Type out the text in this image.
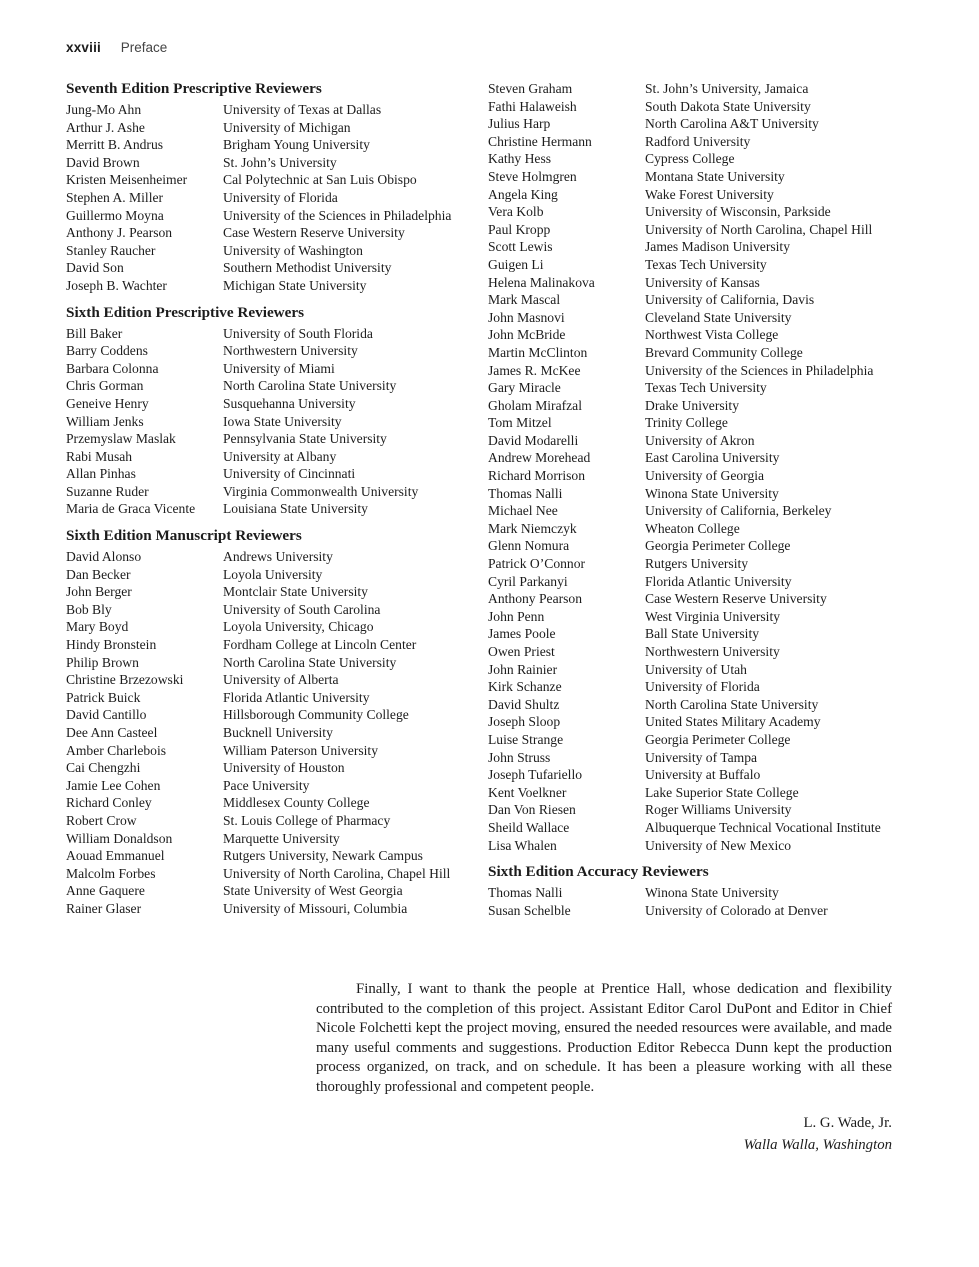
xxviii Preface
Seventh Edition Prescriptive Reviewers
Jung-Mo Ahn	University of Texas at Dallas
Arthur J. Ashe	University of Michigan
Merritt B. Andrus	Brigham Young University
David Brown	St. John’s University
Kristen Meisenheimer	Cal Polytechnic at San Luis Obispo
Stephen A. Miller	University of Florida
Guillermo Moyna	University of the Sciences in Philadelphia
Anthony J. Pearson	Case Western Reserve University
Stanley Raucher	University of Washington
David Son	Southern Methodist University
Joseph B. Wachter	Michigan State University
Sixth Edition Prescriptive Reviewers
Bill Baker	University of South Florida
Barry Coddens	Northwestern University
Barbara Colonna	University of Miami
Chris Gorman	North Carolina State University
Geneive Henry	Susquehanna University
William Jenks	Iowa State University
Przemyslaw Maslak	Pennsylvania State University
Rabi Musah	University at Albany
Allan Pinhas	University of Cincinnati
Suzanne Ruder	Virginia Commonwealth University
Maria de Graca Vicente	Louisiana State University
Sixth Edition Manuscript Reviewers
David Alonso	Andrews University
Dan Becker	Loyola University
John Berger	Montclair State University
Bob Bly	University of South Carolina
Mary Boyd	Loyola University, Chicago
Hindy Bronstein	Fordham College at Lincoln Center
Philip Brown	North Carolina State University
Christine Brzezowski	University of Alberta
Patrick Buick	Florida Atlantic University
David Cantillo	Hillsborough Community College
Dee Ann Casteel	Bucknell University
Amber Charlebois	William Paterson University
Cai Chengzhi	University of Houston
Jamie Lee Cohen	Pace University
Richard Conley	Middlesex County College
Robert Crow	St. Louis College of Pharmacy
William Donaldson	Marquette University
Aouad Emmanuel	Rutgers University, Newark Campus
Malcolm Forbes	University of North Carolina, Chapel Hill
Anne Gaquere	State University of West Georgia
Rainer Glaser	University of Missouri, Columbia
Steven Graham	St. John’s University, Jamaica
Fathi Halaweish	South Dakota State University
Julius Harp	North Carolina A&T University
Christine Hermann	Radford University
Kathy Hess	Cypress College
Steve Holmgren	Montana State University
Angela King	Wake Forest University
Vera Kolb	University of Wisconsin, Parkside
Paul Kropp	University of North Carolina, Chapel Hill
Scott Lewis	James Madison University
Guigen Li	Texas Tech University
Helena Malinakova	University of Kansas
Mark Mascal	University of California, Davis
John Masnovi	Cleveland State University
John McBride	Northwest Vista College
Martin McClinton	Brevard Community College
James R. McKee	University of the Sciences in Philadelphia
Gary Miracle	Texas Tech University
Gholam Mirafzal	Drake University
Tom Mitzel	Trinity College
David Modarelli	University of Akron
Andrew Morehead	East Carolina University
Richard Morrison	University of Georgia
Thomas Nalli	Winona State University
Michael Nee	University of California, Berkeley
Mark Niemczyk	Wheaton College
Glenn Nomura	Georgia Perimeter College
Patrick O’Connor	Rutgers University
Cyril Parkanyi	Florida Atlantic University
Anthony Pearson	Case Western Reserve University
John Penn	West Virginia University
James Poole	Ball State University
Owen Priest	Northwestern University
John Rainier	University of Utah
Kirk Schanze	University of Florida
David Shultz	North Carolina State University
Joseph Sloop	United States Military Academy
Luise Strange	Georgia Perimeter College
John Struss	University of Tampa
Joseph Tufariello	University at Buffalo
Kent Voelkner	Lake Superior State College
Dan Von Riesen	Roger Williams University
Sheild Wallace	Albuquerque Technical Vocational Institute
Lisa Whalen	University of New Mexico
Sixth Edition Accuracy Reviewers
Thomas Nalli	Winona State University
Susan Schelble	University of Colorado at Denver

Finally, I want to thank the people at Prentice Hall, whose dedication and flexibility contributed to the completion of this project. Assistant Editor Carol DuPont and Editor in Chief Nicole Folchetti kept the project moving, ensured the needed resources were available, and made many useful comments and suggestions. Production Editor Rebecca Dunn kept the production process organized, on track, and on schedule. It has been a pleasure working with all these thoroughly professional and competent people.

L. G. Wade, Jr.
Walla Walla, Washington
